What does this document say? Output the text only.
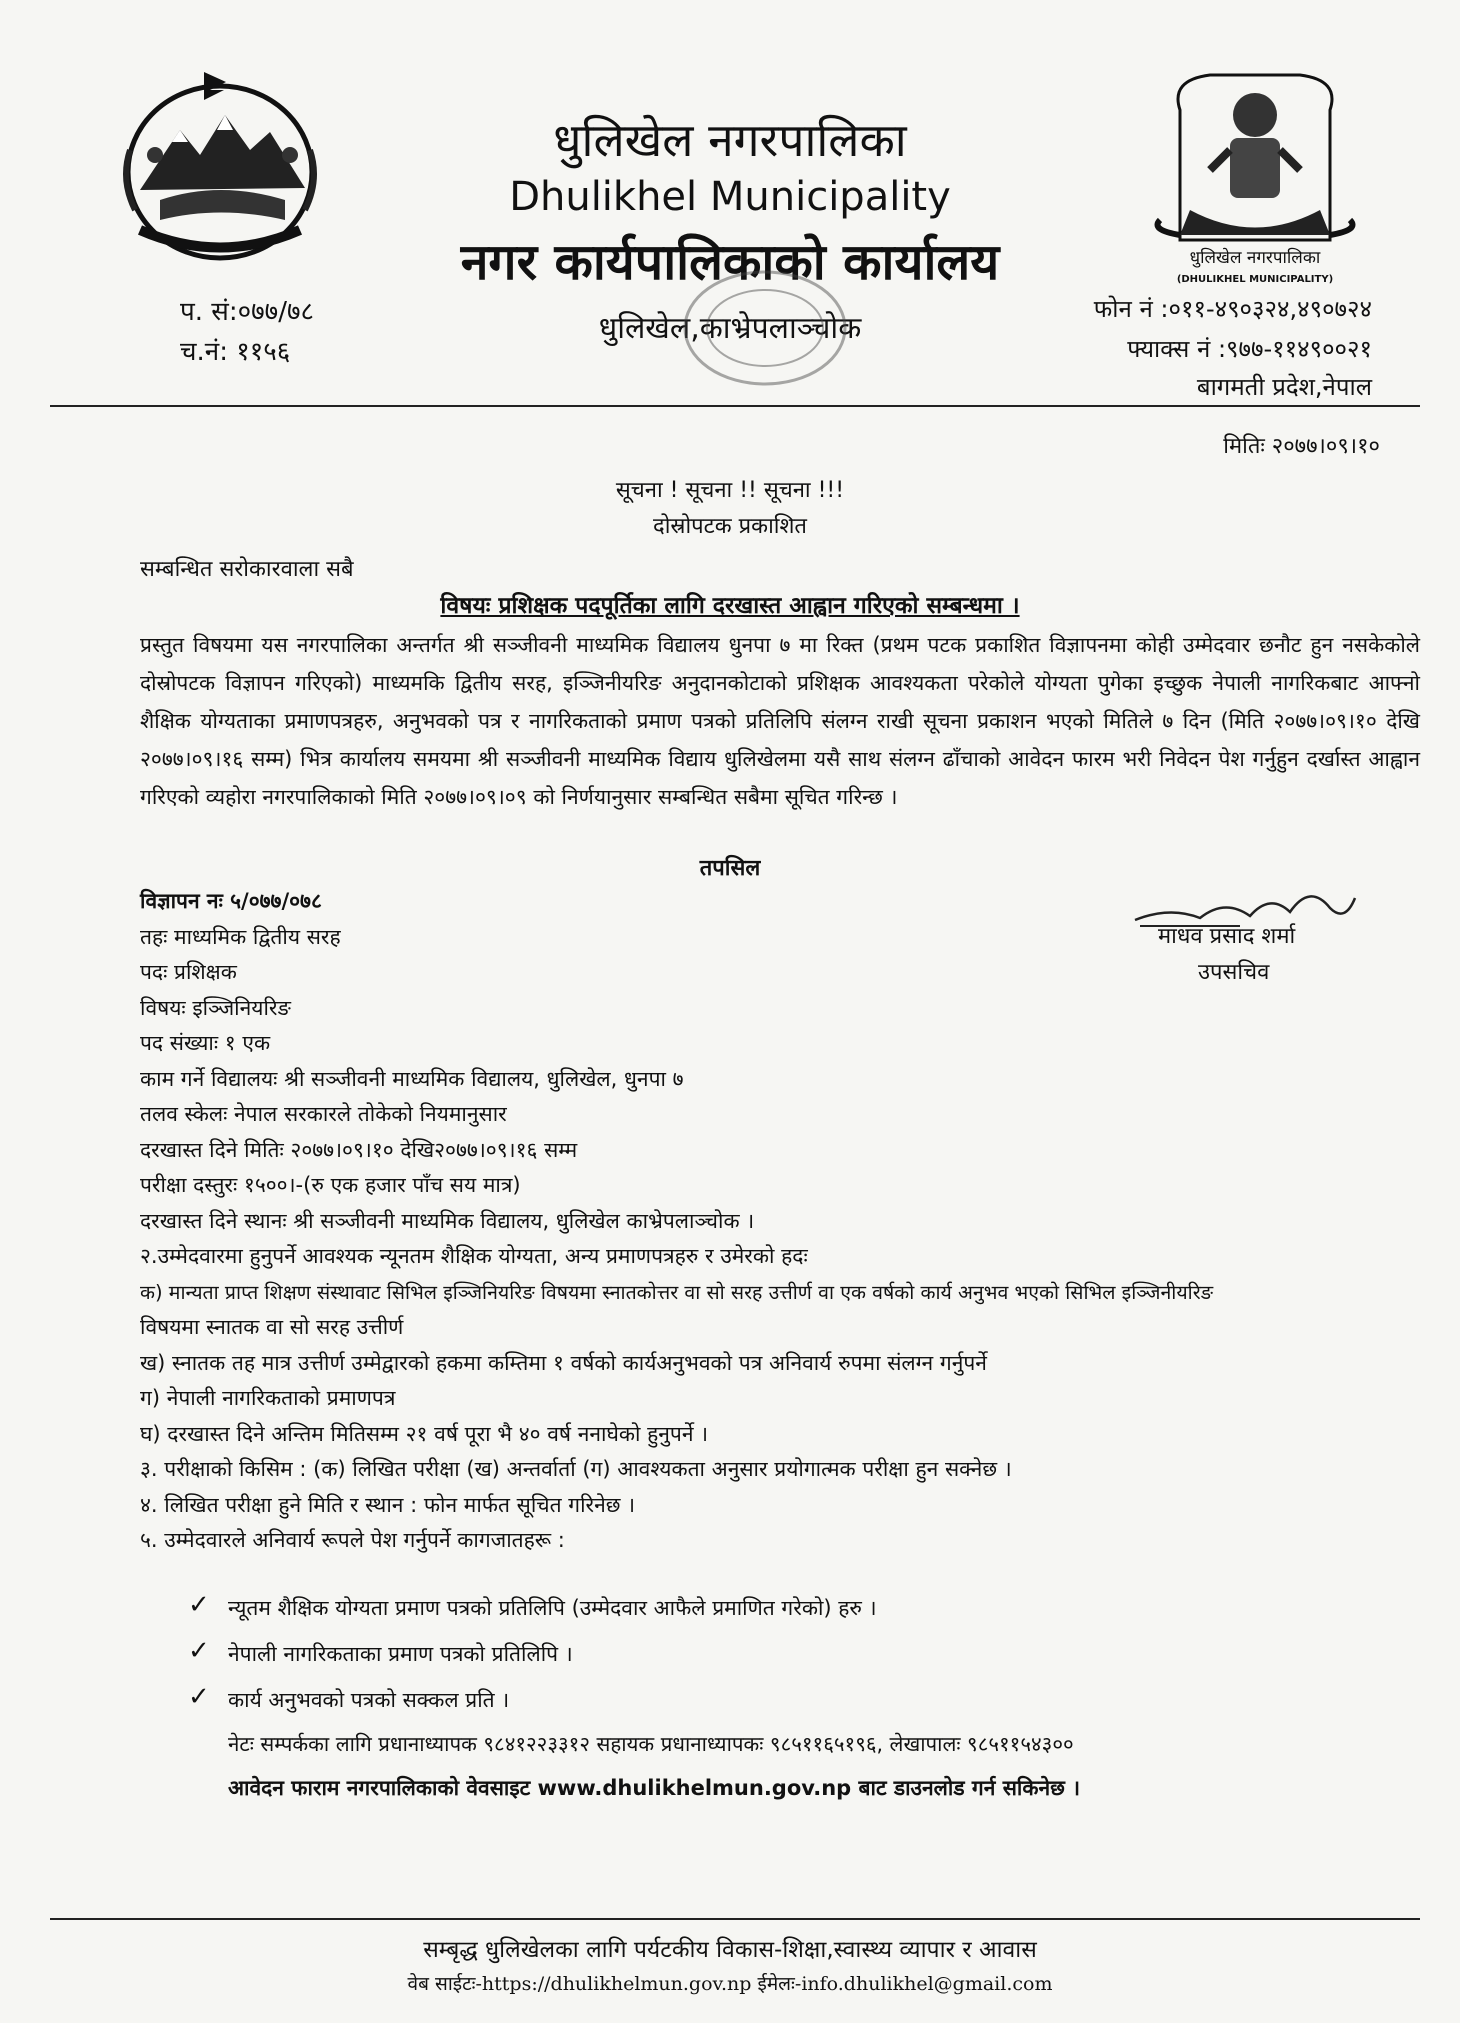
धुलिखेल नगरपालिका
(DHULIKHEL MUNICIPALITY)
धुलिखेल नगरपालिका
Dhulikhel Municipality
नगर कार्यपालिकाको कार्यालय
धुलिखेल,काभ्रेपलाञ्चोक
प. सं:०७७/७८
च.नं: ११५६
फोन नं :०११-४९०३२४,४९०७२४
फ्याक्स नं :९७७-११४९००२१
बागमती प्रदेश,नेपाल
मितिः २०७७।०९।१०
सूचना ! सूचना !! सूचना !!!
दोस्रोपटक प्रकाशित
सम्बन्धित सरोकारवाला सबै
विषयः प्रशिक्षक पदपूर्तिका लागि दरखास्त आह्वान गरिएको सम्बन्धमा ।
प्रस्तुत विषयमा यस नगरपालिका अन्तर्गत श्री सञ्जीवनी माध्यमिक विद्यालय धुनपा ७ मा रिक्त (प्रथम पटक प्रकाशित विज्ञापनमा कोही उम्मेदवार छनौट हुन नसकेकोले दोस्रोपटक विज्ञापन गरिएको) माध्यमकि द्वितीय सरह, इञ्जिनीयरिङ अनुदानकोटाको प्रशिक्षक आवश्यकता परेकोले योग्यता पुगेका इच्छुक नेपाली नागरिकबाट आफ्नो शैक्षिक योग्यताका प्रमाणपत्रहरु, अनुभवको पत्र र नागरिकताको प्रमाण पत्रको प्रतिलिपि संलग्न राखी सूचना प्रकाशन भएको मितिले ७ दिन (मिति २०७७।०९।१० देखि २०७७।०९।१६ सम्म) भित्र कार्यालय समयमा श्री सञ्जीवनी माध्यमिक विद्याय धुलिखेलमा यसै साथ संलग्न ढाँचाको आवेदन फारम भरी निवेदन पेश गर्नुहुन दर्खास्त आह्वान गरिएको व्यहोरा नगरपालिकाको मिति २०७७।०९।०९ को निर्णयानुसार सम्बन्धित सबैमा सूचित गरिन्छ ।
तपसिल
माधव प्रसाद शर्मा
उपसचिव
विज्ञापन नः ५/०७७/०७८
तहः माध्यमिक द्वितीय सरह
पदः प्रशिक्षक
विषयः इञ्जिनियरिङ
पद संख्याः १ एक
काम गर्ने विद्यालयः श्री सञ्जीवनी माध्यमिक विद्यालय, धुलिखेल, धुनपा ७
तलव स्केलः नेपाल सरकारले तोकेको नियमानुसार
दरखास्त दिने मितिः २०७७।०९।१० देखि२०७७।०९।१६ सम्म
परीक्षा दस्तुरः १५००।-(रु एक हजार पाँच सय मात्र)
दरखास्त दिने स्थानः श्री सञ्जीवनी माध्यमिक विद्यालय, धुलिखेल काभ्रेपलाञ्चोक ।
२.उम्मेदवारमा हुनुपर्ने आवश्यक न्यूनतम शैक्षिक योग्यता, अन्य प्रमाणपत्रहरु र उमेरको हदः
क) मान्यता प्राप्त शिक्षण संस्थावाट सिभिल इञ्जिनियरिङ विषयमा स्नातकोत्तर वा सो सरह उत्तीर्ण वा एक वर्षको कार्य अनुभव भएको सिभिल इञ्जिनीयरिङ
विषयमा स्नातक वा सो सरह उत्तीर्ण
ख) स्नातक तह मात्र उत्तीर्ण उम्मेद्वारको हकमा कम्तिमा १ वर्षको कार्यअनुभवको पत्र अनिवार्य रुपमा संलग्न गर्नुपर्ने
ग) नेपाली नागरिकताको प्रमाणपत्र
घ) दरखास्त दिने अन्तिम मितिसम्म २१ वर्ष पूरा भै ४० वर्ष ननाघेको हुनुपर्ने ।
३. परीक्षाको किसिम : (क) लिखित परीक्षा (ख) अन्तर्वार्ता (ग) आवश्यकता अनुसार प्रयोगात्मक परीक्षा हुन सक्नेछ ।
४. लिखित परीक्षा हुने मिति र स्थान : फोन मार्फत सूचित गरिनेछ ।
५. उम्मेदवारले अनिवार्य रूपले पेश गर्नुपर्ने कागजातहरू :
✓ न्यूतम शैक्षिक योग्यता प्रमाण पत्रको प्रतिलिपि (उम्मेदवार आफैले प्रमाणित गरेको) हरु ।
✓ नेपाली नागरिकताका प्रमाण पत्रको प्रतिलिपि ।
✓ कार्य अनुभवको पत्रको सक्कल प्रति ।
नेटः सम्पर्कका लागि प्रधानाध्यापक ९८४१२२३३१२ सहायक प्रधानाध्यापकः ९८५११६५१९६, लेखापालः ९८५११५४३००
आवेदन फाराम नगरपालिकाको वेवसाइट www.dhulikhelmun.gov.np बाट डाउनलोड गर्न सकिनेछ ।
सम्बृद्ध धुलिखेलका लागि पर्यटकीय विकास-शिक्षा,स्वास्थ्य व्यापार र आवास
वेब साईटः-https://dhulikhelmun.gov.np ईमेलः-info.dhulikhel@gmail.com
